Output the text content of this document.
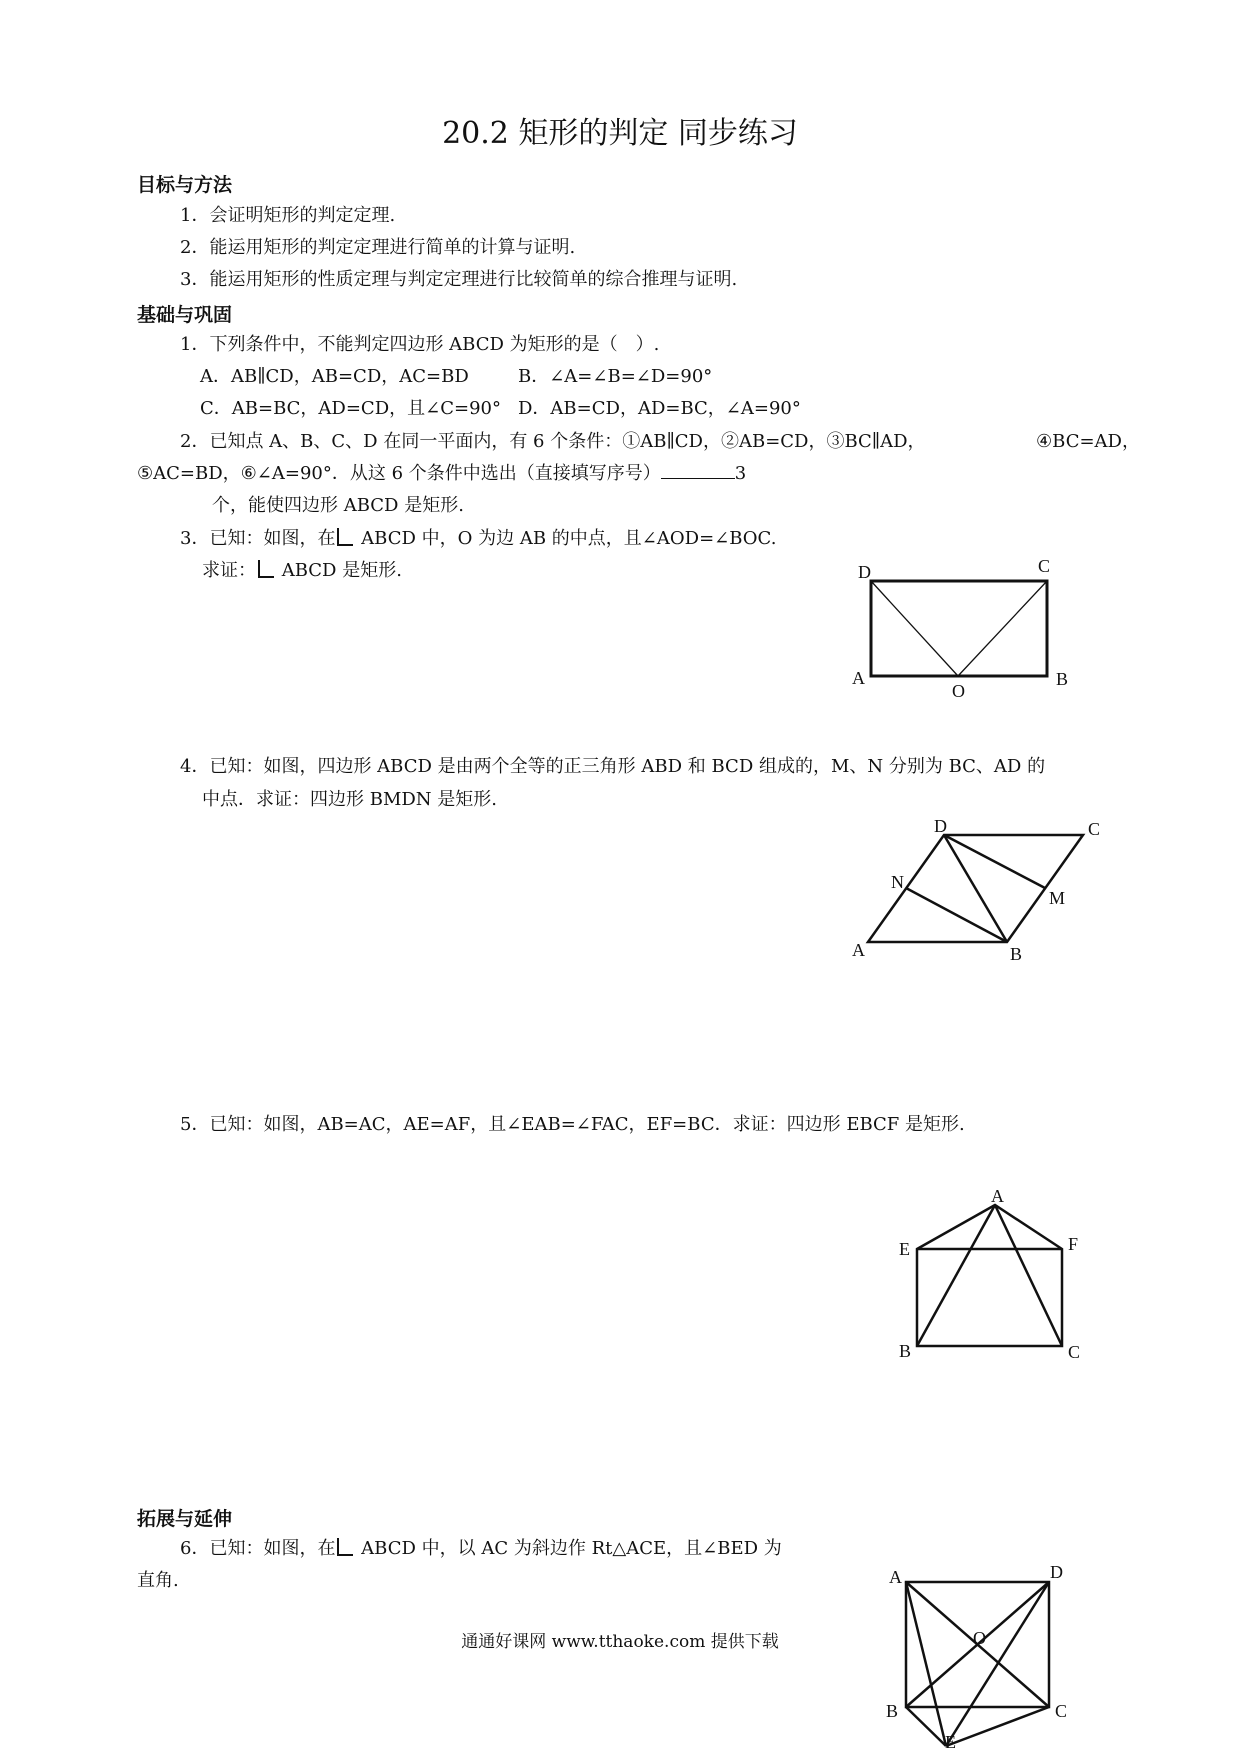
20.2 矩形的判定 同步练习
目标与方法
1．会证明矩形的判定定理.
2．能运用矩形的判定定理进行简单的计算与证明.
3．能运用矩形的性质定理与判定定理进行比较简单的综合推理与证明.
基础与巩固
1．下列条件中，不能判定四边形 ABCD 为矩形的是（　）.
A．AB∥CD，AB=CD，AC=BD	B．∠A=∠B=∠D=90°
C．AB=BC，AD=CD，且∠C=90° D．AB=CD，AD=BC，∠A=90°
2．已知点 A、B、C、D 在同一平面内，有 6 个条件：①AB∥CD，②AB=CD，③BC∥AD，	④BC=AD，
⑤AC=BD，⑥∠A=90°．从这 6 个条件中选出（直接填写序号）	3
个，能使四边形 ABCD 是矩形.
3．已知：如图，在 ABCD 中，O 为边 AB 的中点，且∠AOD=∠BOC.
求证： ABCD 是矩形.	D	C
A	B
O
4．已知：如图，四边形 ABCD 是由两个全等的正三角形 ABD 和 BCD 组成的，M、N 分别为 BC、AD 的
中点．求证：四边形 BMDN 是矩形.
D	C
N
M
A	B
5．已知：如图，AB=AC，AE=AF，且∠EAB=∠FAC，EF=BC．求证：四边形 EBCF 是矩形.
A
E	F
B	C
拓展与延伸
6．已知：如图，在 ABCD 中，以 AC 为斜边作 Rt△ACE，且∠BED 为
直角.	A	D
O
B	C
E
通通好课网 www.tthaoke.com 提供下载
